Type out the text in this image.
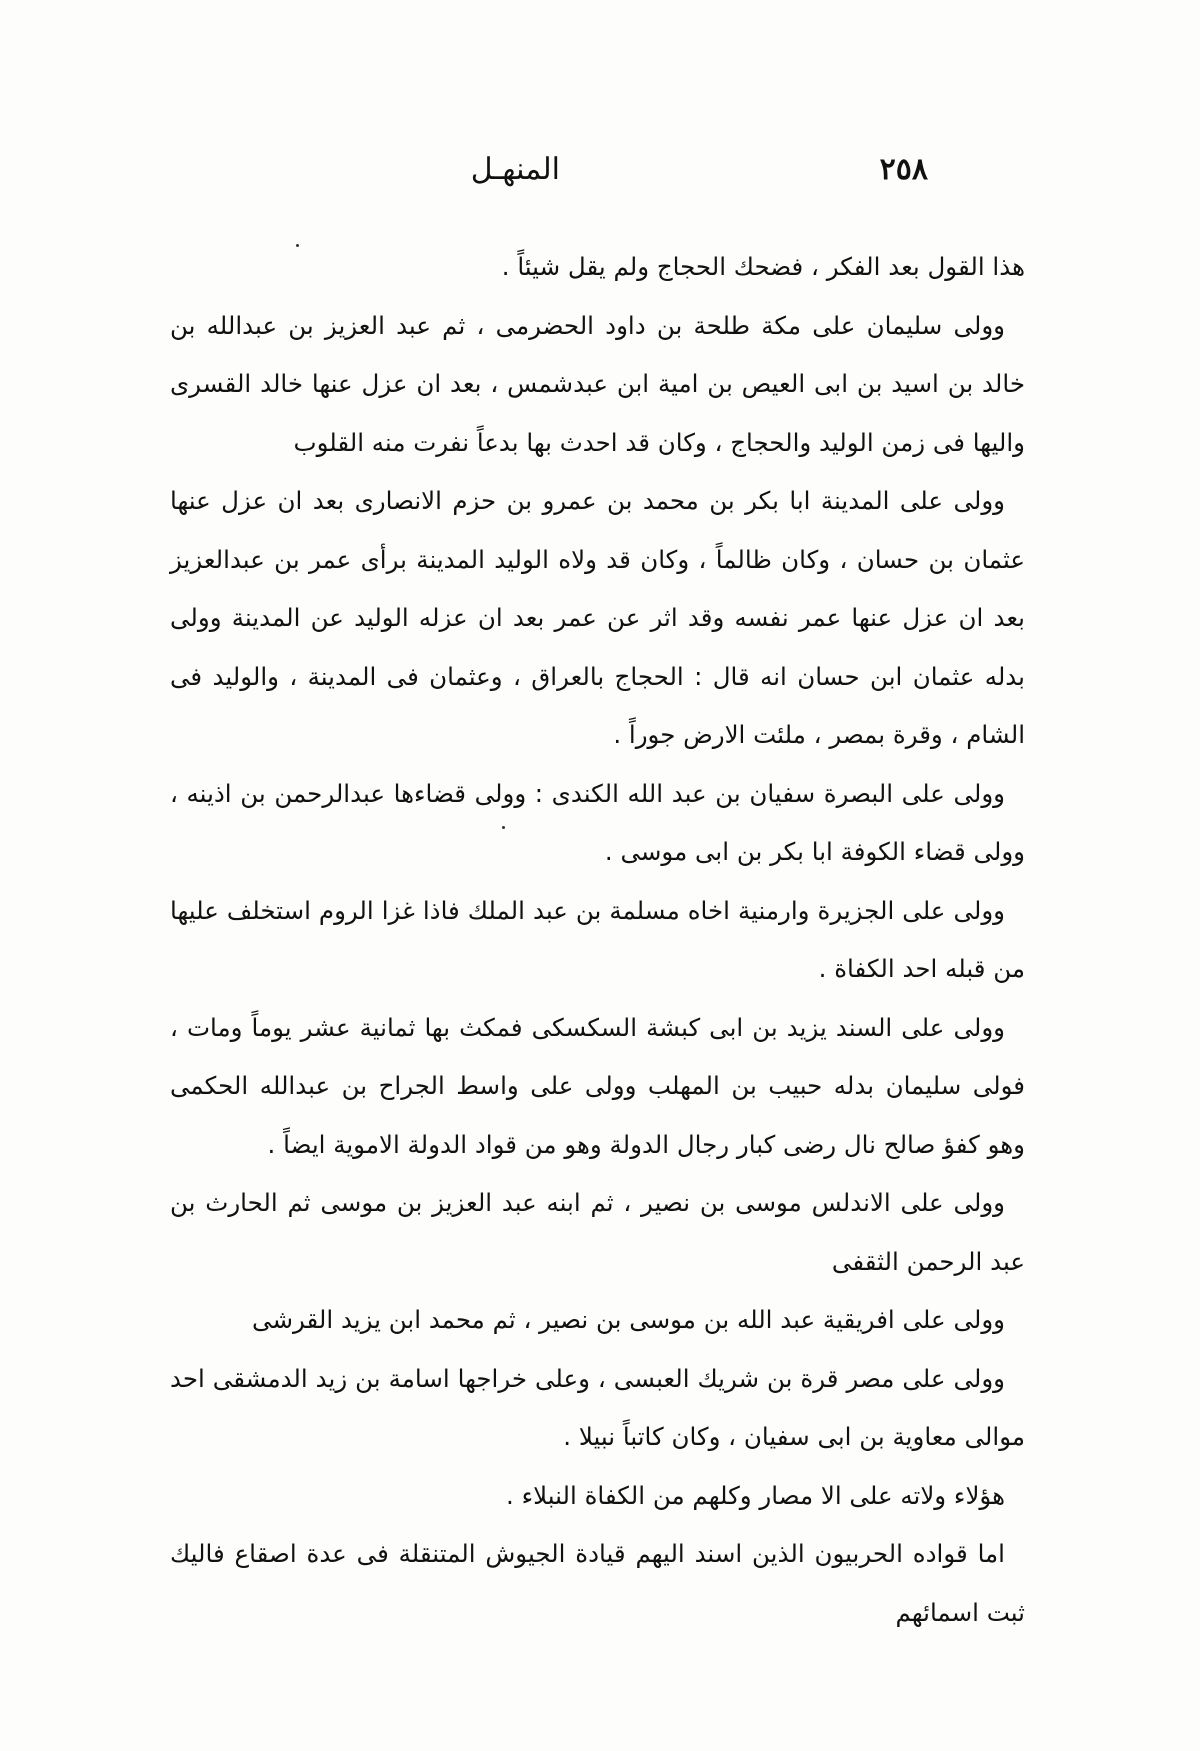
٢٥٨
المنهـل

هذا القول بعد الفكر ، فضحك الحجاج ولم يقل شيئاً .

وولى سليمان على مكة طلحة بن داود الحضرمى ، ثم عبد العزيز بن عبدالله بن خالد بن اسيد بن ابى العيص بن امية ابن عبدشمس ، بعد ان عزل عنها خالد القسرى واليها فى زمن الوليد والحجاج ، وكان قد احدث بها بدعاً نفرت منه القلوب

وولى على المدينة ابا بكر بن محمد بن عمرو بن حزم الانصارى بعد ان عزل عنها عثمان بن حسان ، وكان ظالماً ، وكان قد ولاه الوليد المدينة برأى عمر بن عبدالعزيز بعد ان عزل عنها عمر نفسه وقد اثر عن عمر بعد ان عزله الوليد عن المدينة وولى بدله عثمان ابن حسان انه قال : الحجاج بالعراق ، وعثمان فى المدينة ، والوليد فى الشام ، وقرة بمصر ، ملئت الارض جوراً .

وولى على البصرة سفيان بن عبد الله الكندى : وولى قضاءها عبدالرحمن بن اذينه ، وولى قضاء الكوفة ابا بكر بن ابى موسى .

وولى على الجزيرة وارمنية اخاه مسلمة بن عبد الملك فاذا غزا الروم استخلف عليها من قبله احد الكفاة .

وولى على السند يزيد بن ابى كبشة السكسكى فمكث بها ثمانية عشر يوماً ومات ، فولى سليمان بدله حبيب بن المهلب وولى على واسط الجراح بن عبدالله الحكمى وهو كفؤ صالح نال رضى كبار رجال الدولة وهو من قواد الدولة الاموية ايضاً .

وولى على الاندلس موسى بن نصير ، ثم ابنه عبد العزيز بن موسى ثم الحارث بن عبد الرحمن الثقفى

وولى على افريقية عبد الله بن موسى بن نصير ، ثم محمد ابن يزيد القرشى

وولى على مصر قرة بن شريك العبسى ، وعلى خراجها اسامة بن زيد الدمشقى احد موالى معاوية بن ابى سفيان ، وكان كاتباً نبيلا .

هؤلاء ولاته على الا مصار وكلهم من الكفاة النبلاء .

اما قواده الحربيون الذين اسند اليهم قيادة الجيوش المتنقلة فى عدة اصقاع فاليك ثبت اسمائهم
